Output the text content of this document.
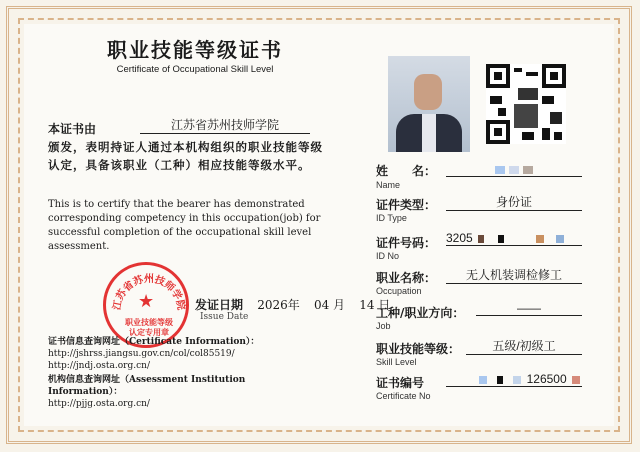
职业技能等级证书
Certificate of Occupational Skill Level
本证书由	江苏省苏州技师学院
颁发，表明持证人通过本机构组织的职业技能等级认定，具备该职业（工种）相应技能等级水平。
This is to certify that the bearer has demonstrated corresponding competency in this occupation(job) for successful completion of the occupational skill level assessment.
江苏省苏州技师学院
★
职业技能等级
认定专用章
发证日期 2026年 04 月 14 日
Issue Date
证书信息查询网址（Certificate Information）：
http://jshrss.jiangsu.gov.cn/col/col85519/
http://jndj.osta.org.cn/
机构信息查询网址（Assessment Institution Information）：
http://pjjg.osta.org.cn/
姓　　名：
Name
证件类型：
ID Type
身份证
证件号码：
ID No
3205
职业名称：
Occupation
无人机装调检修工
工种/职业方向：
Job
——
职业技能等级：
Skill Level
五级/初级工
证书编号
Certificate No
126500
